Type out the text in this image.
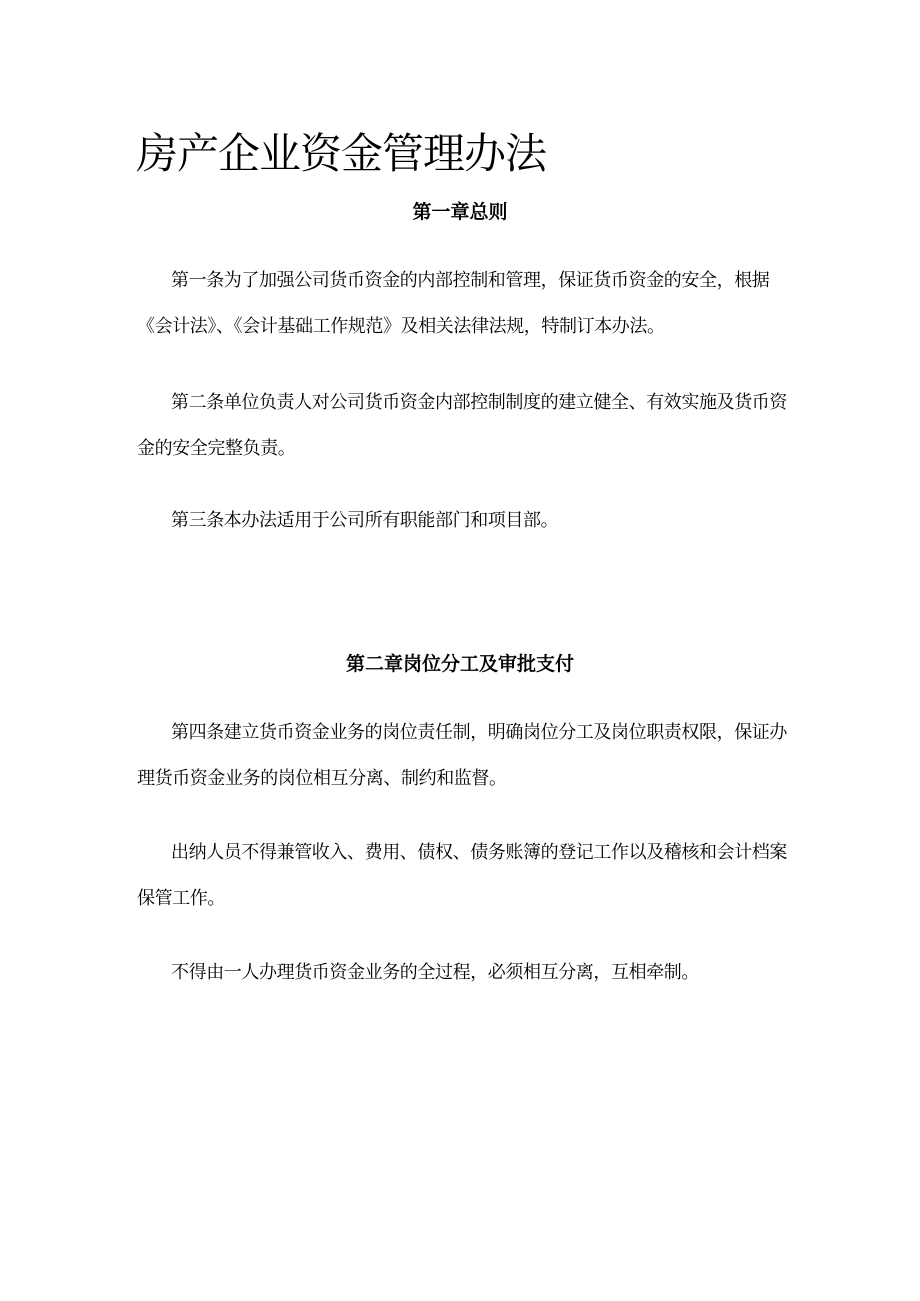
房产企业资金管理办法
第一章总则

第一条为了加强公司货币资金的内部控制和管理，保证货币资金的安全，根据《会计法》、《会计基础工作规范》及相关法律法规，特制订本办法。

第二条单位负责人对公司货币资金内部控制制度的建立健全、有效实施及货币资金的安全完整负责。

第三条本办法适用于公司所有职能部门和项目部。

第二章岗位分工及审批支付

第四条建立货币资金业务的岗位责任制，明确岗位分工及岗位职责权限，保证办理货币资金业务的岗位相互分离、制约和监督。

出纳人员不得兼管收入、费用、债权、债务账簿的登记工作以及稽核和会计档案保管工作。

不得由一人办理货币资金业务的全过程，必须相互分离，互相牵制。
